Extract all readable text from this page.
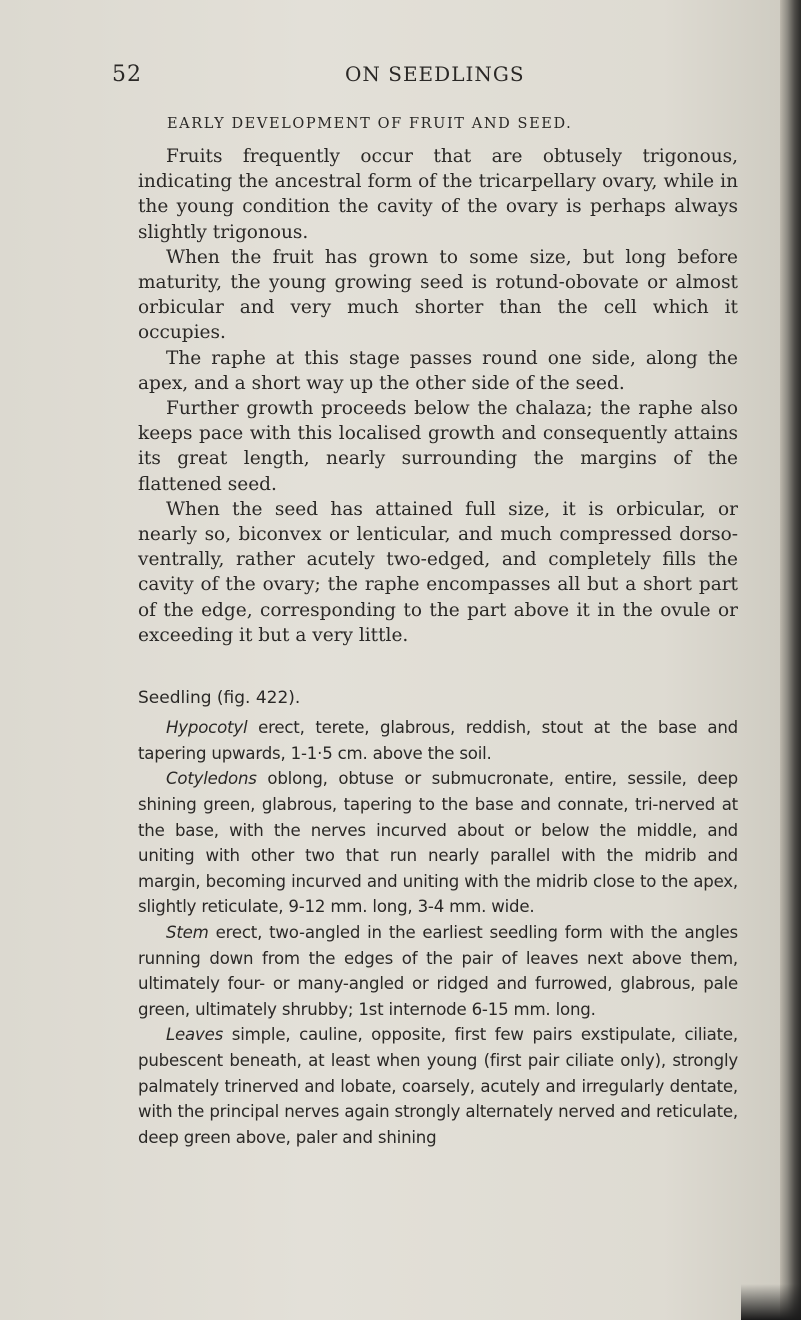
52	ON SEEDLINGS
EARLY DEVELOPMENT OF FRUIT AND SEED.

Fruits frequently occur that are obtusely trigonous, indicating the ancestral form of the tricarpellary ovary, while in the young condition the cavity of the ovary is perhaps always slightly trigonous.

When the fruit has grown to some size, but long before maturity, the young growing seed is rotund-obovate or almost orbicular and very much shorter than the cell which it occupies.

The raphe at this stage passes round one side, along the apex, and a short way up the other side of the seed.

Further growth proceeds below the chalaza; the raphe also keeps pace with this localised growth and consequently attains its great length, nearly surrounding the margins of the flattened seed.

When the seed has attained full size, it is orbicular, or nearly so, biconvex or lenticular, and much compressed dorso-ventrally, rather acutely two-edged, and completely fills the cavity of the ovary; the raphe encompasses all but a short part of the edge, corresponding to the part above it in the ovule or exceeding it but a very little.

Seedling (fig. 422).

Hypocotyl erect, terete, glabrous, reddish, stout at the base and tapering upwards, 1-1·5 cm. above the soil.

Cotyledons oblong, obtuse or submucronate, entire, sessile, deep shining green, glabrous, tapering to the base and connate, tri-nerved at the base, with the nerves incurved about or below the middle, and uniting with other two that run nearly parallel with the midrib and margin, becoming incurved and uniting with the midrib close to the apex, slightly reticulate, 9-12 mm. long, 3-4 mm. wide.

Stem erect, two-angled in the earliest seedling form with the angles running down from the edges of the pair of leaves next above them, ultimately four- or many-angled or ridged and furrowed, glabrous, pale green, ultimately shrubby; 1st internode 6-15 mm. long.

Leaves simple, cauline, opposite, first few pairs exstipulate, ciliate, pubescent beneath, at least when young (first pair ciliate only), strongly palmately trinerved and lobate, coarsely, acutely and irregularly dentate, with the principal nerves again strongly alternately nerved and reticulate, deep green above, paler and shining
